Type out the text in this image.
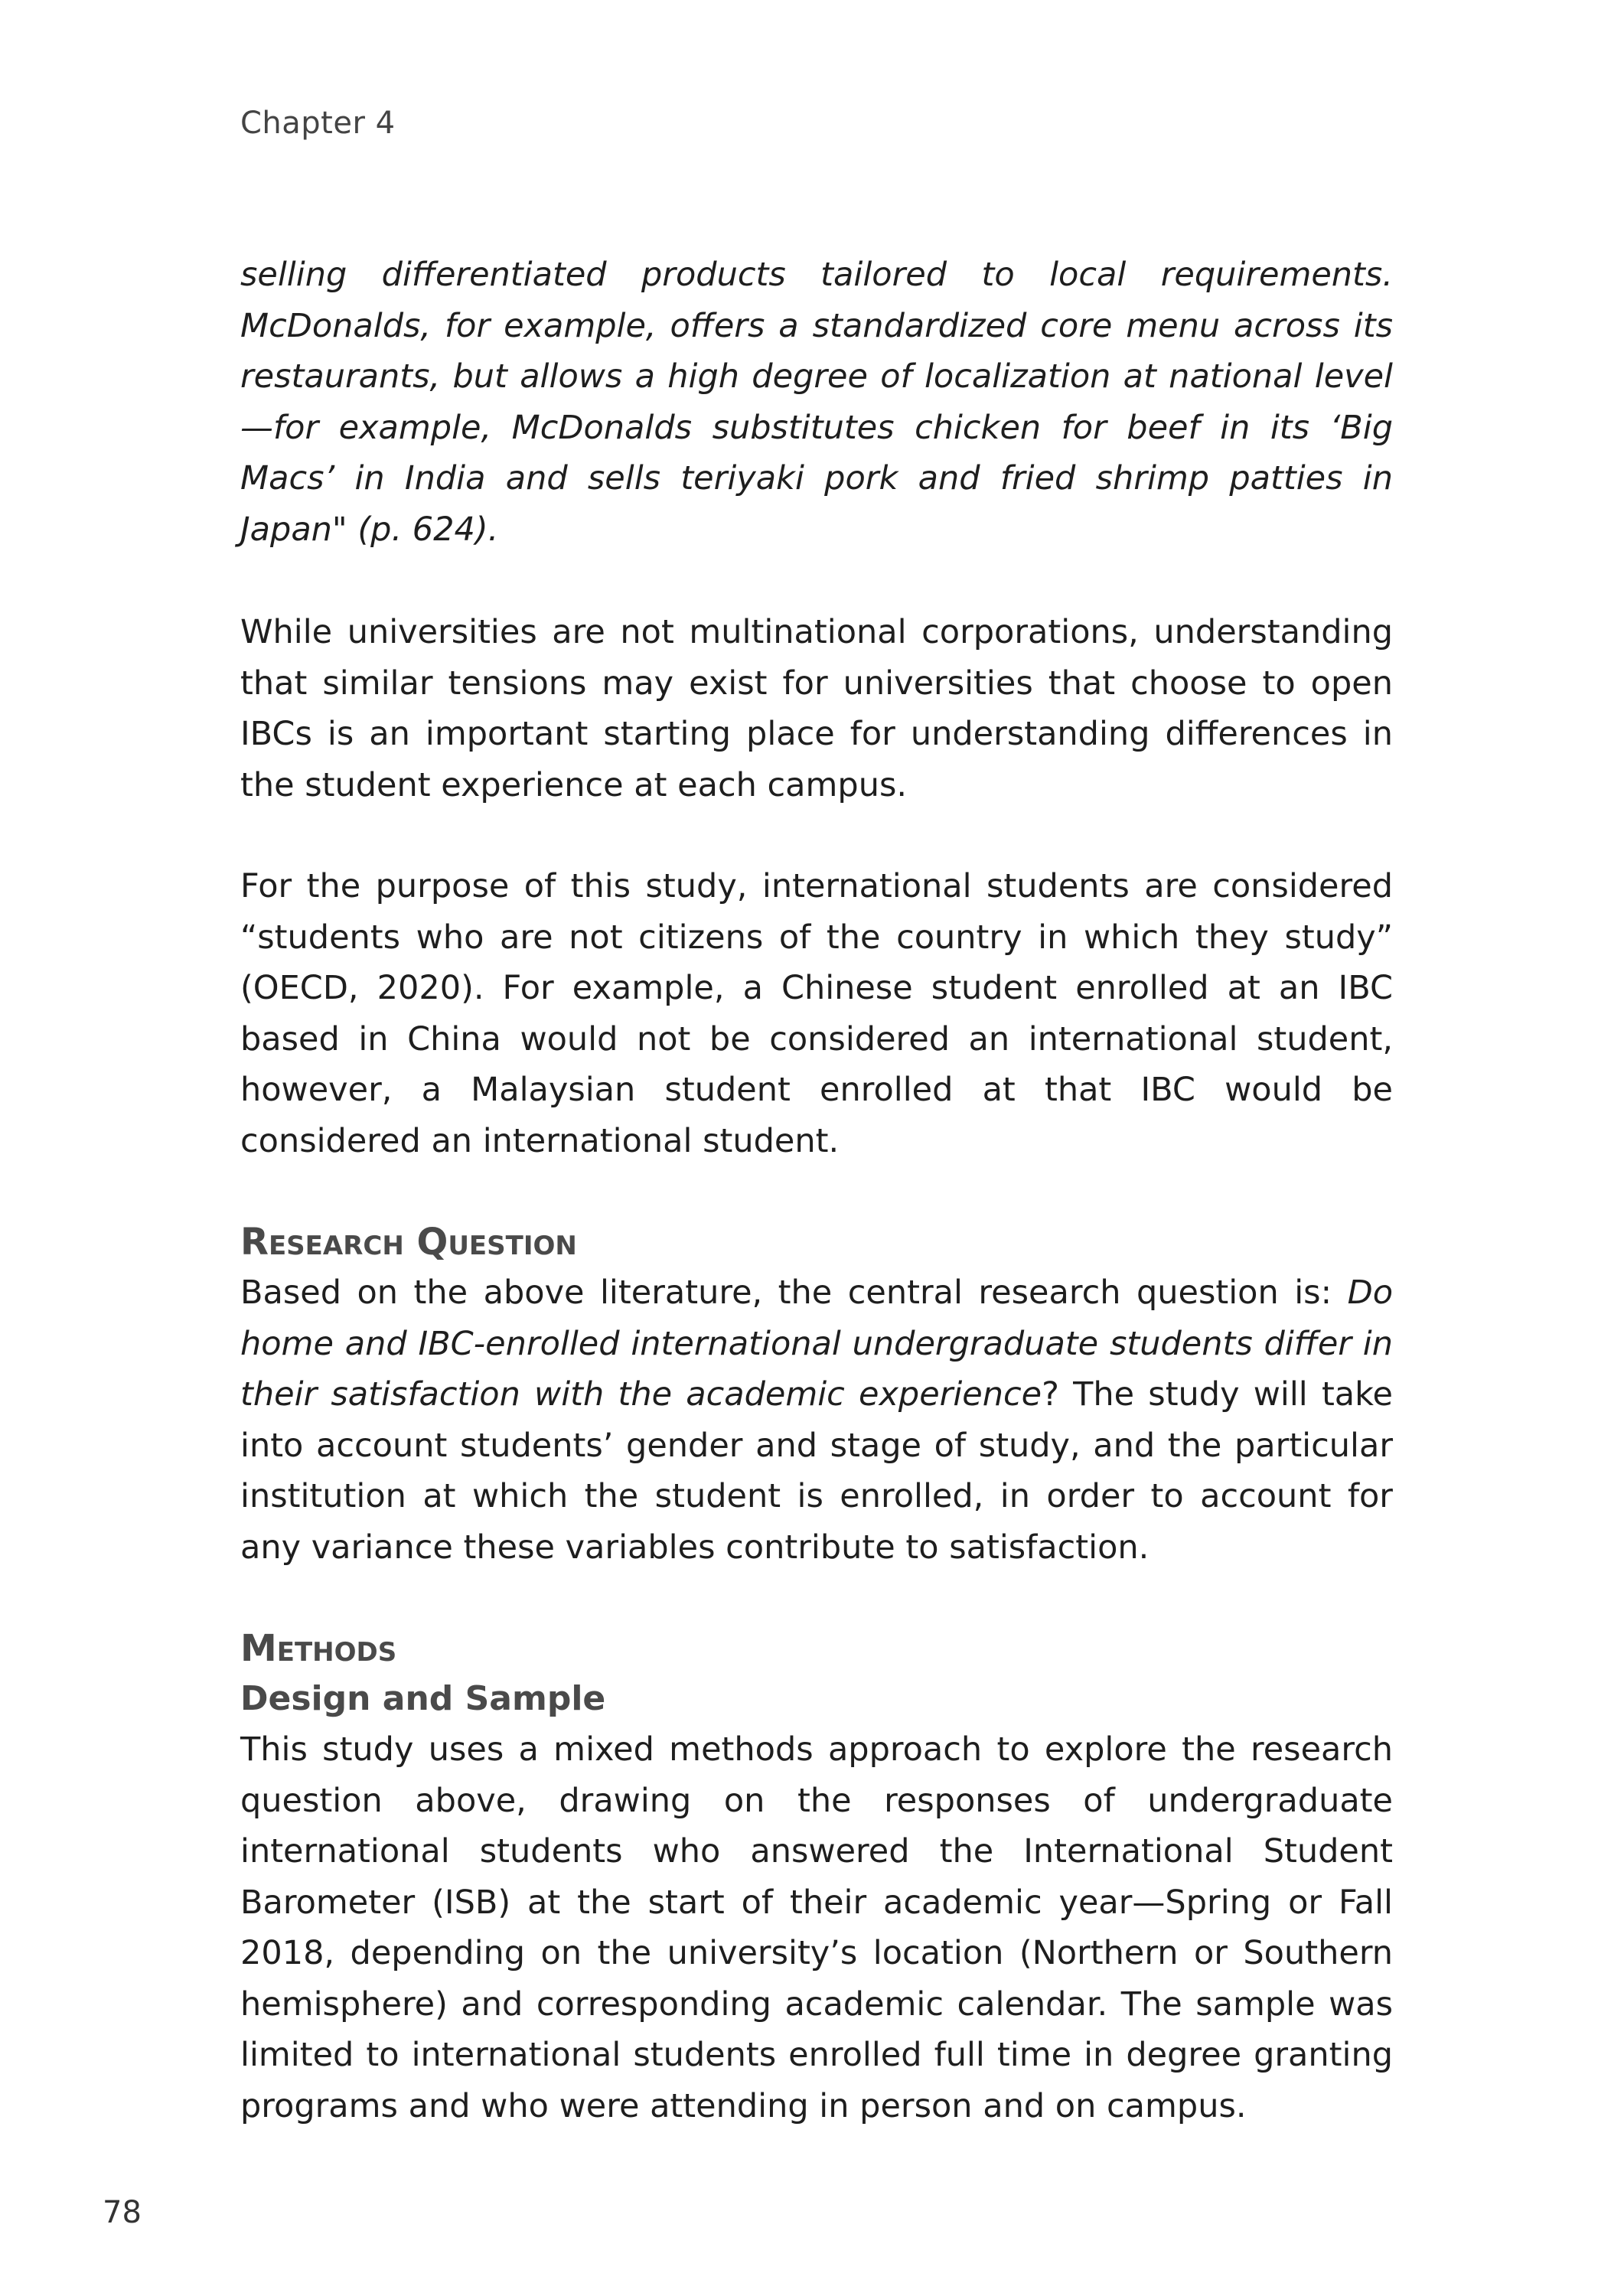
Chapter 4

selling differentiated products tailored to local requirements. McDonalds, for example, offers a standardized core menu across its restaurants, but allows a high degree of localization at national level—for example, McDonalds substitutes chicken for beef in its ‘Big Macs’ in India and sells teriyaki pork and fried shrimp patties in Japan" (p. 624).

While universities are not multinational corporations, understanding that similar tensions may exist for universities that choose to open IBCs is an important starting place for understanding differences in the student experience at each campus.

For the purpose of this study, international students are considered “students who are not citizens of the country in which they study” (OECD, 2020). For example, a Chinese student enrolled at an IBC based in China would not be considered an international student, however, a Malaysian student enrolled at that IBC would be considered an international student.

Research Question

Based on the above literature, the central research question is: Do home and IBC-enrolled international undergraduate students differ in their satisfaction with the academic experience? The study will take into account students’ gender and stage of study, and the particular institution at which the student is enrolled, in order to account for any variance these variables contribute to satisfaction.

Methods
Design and Sample

This study uses a mixed methods approach to explore the research question above, drawing on the responses of undergraduate international students who answered the International Student Barometer (ISB) at the start of their academic year—Spring or Fall 2018, depending on the university’s location (Northern or Southern hemisphere) and corresponding academic calendar. The sample was limited to international students enrolled full time in degree granting programs and who were attending in person and on campus.

78
